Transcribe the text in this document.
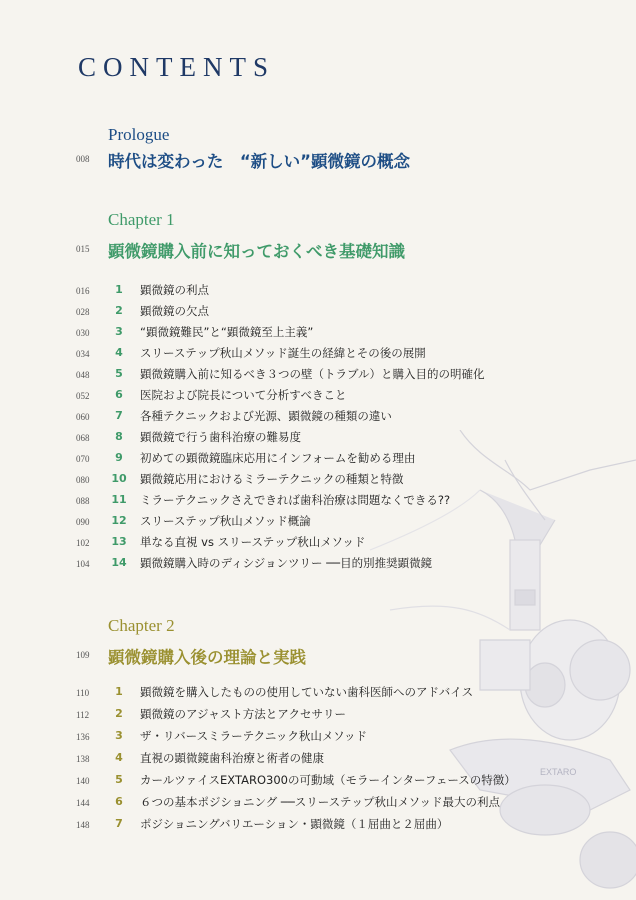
EXTARO
CONTENTS
Prologue
008 時代は変わった　“新しい”顕微鏡の概念
Chapter 1
015 顕微鏡購入前に知っておくべき基礎知識
016	1	顕微鏡の利点
028	2	顕微鏡の欠点
030	3	“顕微鏡難民”と“顕微鏡至上主義”
034	4	スリーステップ秋山メソッド誕生の経緯とその後の展開
048	5	顕微鏡購入前に知るべき３つの壁（トラブル）と購入目的の明確化
052	6	医院および院長について分析すべきこと
060	7	各種テクニックおよび光源、顕微鏡の種類の違い
068	8	顕微鏡で行う歯科治療の難易度
070	9	初めての顕微鏡臨床応用にインフォームを勧める理由
080	10 顕微鏡応用におけるミラーテクニックの種類と特徴
088	11 ミラーテクニックさえできれば歯科治療は問題なくできる??
090	12 スリーステップ秋山メソッド概論
102	13 単なる直視 vs スリーステップ秋山メソッド
104	14 顕微鏡購入時のディシジョンツリー ──目的別推奨顕微鏡
Chapter 2
109 顕微鏡購入後の理論と実践
110	1	顕微鏡を購入したものの使用していない歯科医師へのアドバイス
112	2	顕微鏡のアジャスト方法とアクセサリー
136	3	ザ・リバースミラーテクニック秋山メソッド
138	4	直視の顕微鏡歯科治療と術者の健康
140	5	カールツァイスEXTARO300の可動域（モラーインターフェースの特徴）
144	6	６つの基本ポジショニング ──スリーステップ秋山メソッド最大の利点
148	7	ポジショニングバリエーション・顕微鏡（１屈曲と２屈曲）
